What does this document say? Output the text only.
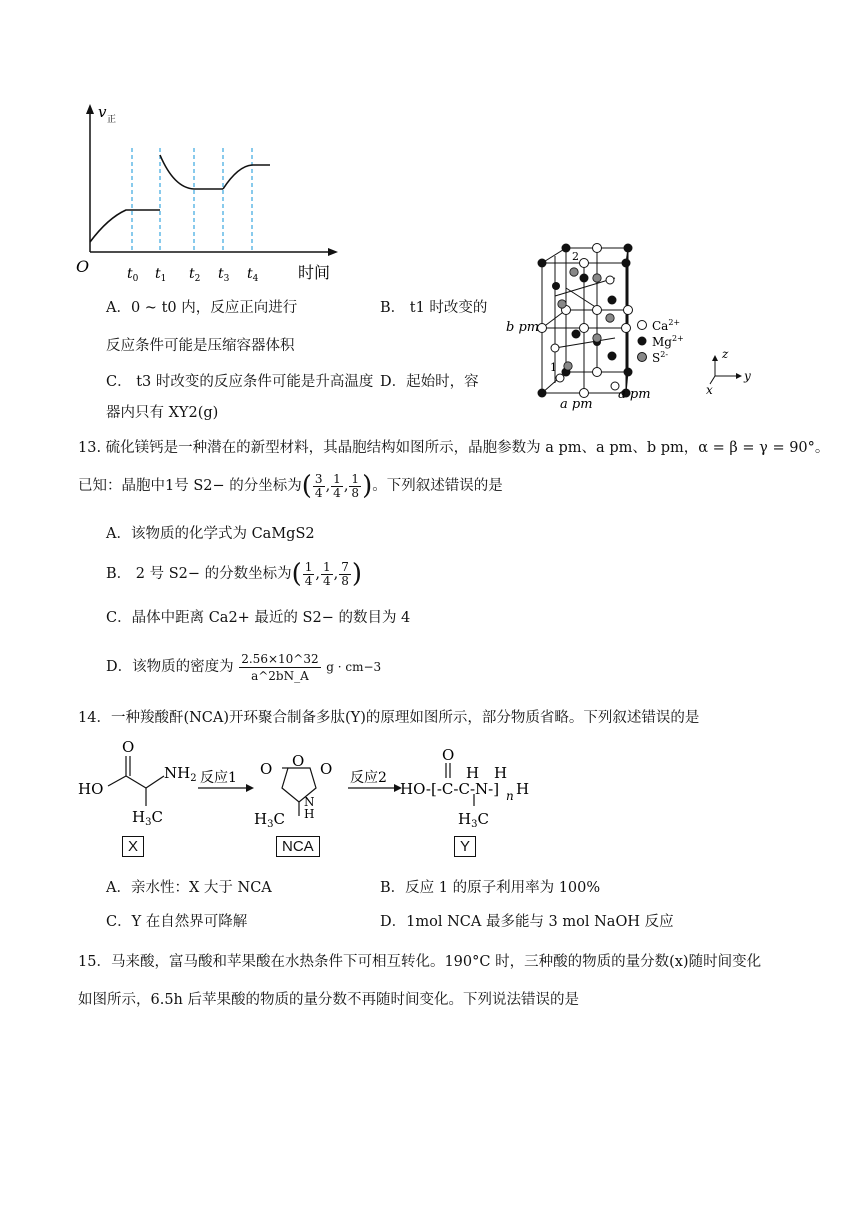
v 正
O	时间
$t_0$ $t_1$ $t_2$ $t_3$ $t_4$
A．0 ~ t0 内，反应正向进行	B． t1 时改变的
反应条件可能是压缩容器体积
C． t3 时改变的反应条件可能是升高温度 D．起始时，容
器内只有 XY2(g)
2
1
b pm
a pm
a pm
$Ca^{2+}$
$Mg^{2+}$
$S^{2-}$	z
y
x
13. 硫化镁钙是一种潜在的新型材料，其晶胞结构如图所示，晶胞参数为 a pm、a pm、b pm，α = β = γ = 90°。
已知：晶胞中1号 S2− 的分坐标为( $\frac{3}{4}$ , $\frac{1}{4}$ , $\frac{1}{8}$ )。下列叙述错误的是
A．该物质的化学式为 CaMgS2
B． 2 号 S2− 的分数坐标为( $\frac{1}{4}$ , $\frac{1}{4}$ , $\frac{7}{8}$ )
C．晶体中距离 Ca2+ 最近的 S2− 的数目为 4
D．该物质的密度为 $\frac{2.56\times 10\^{}32}{a\^{}2bN\_A}$ g · cm−3
14．一种羧酸酐(NCA)开环聚合制备多肽(Y)的原理如图所示，部分物质省略。下列叙述错误的是
O
HO
$NH_2$
$H_3C$
O O O
N
H
$H_3C$
HO-[-C-C-N-] n H
O
H H
$H_3C$
反应1	反应2
X	NCA	Y
A．亲水性：X 大于 NCA	B．反应 1 的原子利用率为 100%
C．Y 在自然界可降解	D．1mol NCA 最多能与 3 mol NaOH 反应
15．马来酸，富马酸和苹果酸在水热条件下可相互转化。190°C 时，三种酸的物质的量分数(x)随时间变化
如图所示，6.5h 后苹果酸的物质的量分数不再随时间变化。下列说法错误的是
